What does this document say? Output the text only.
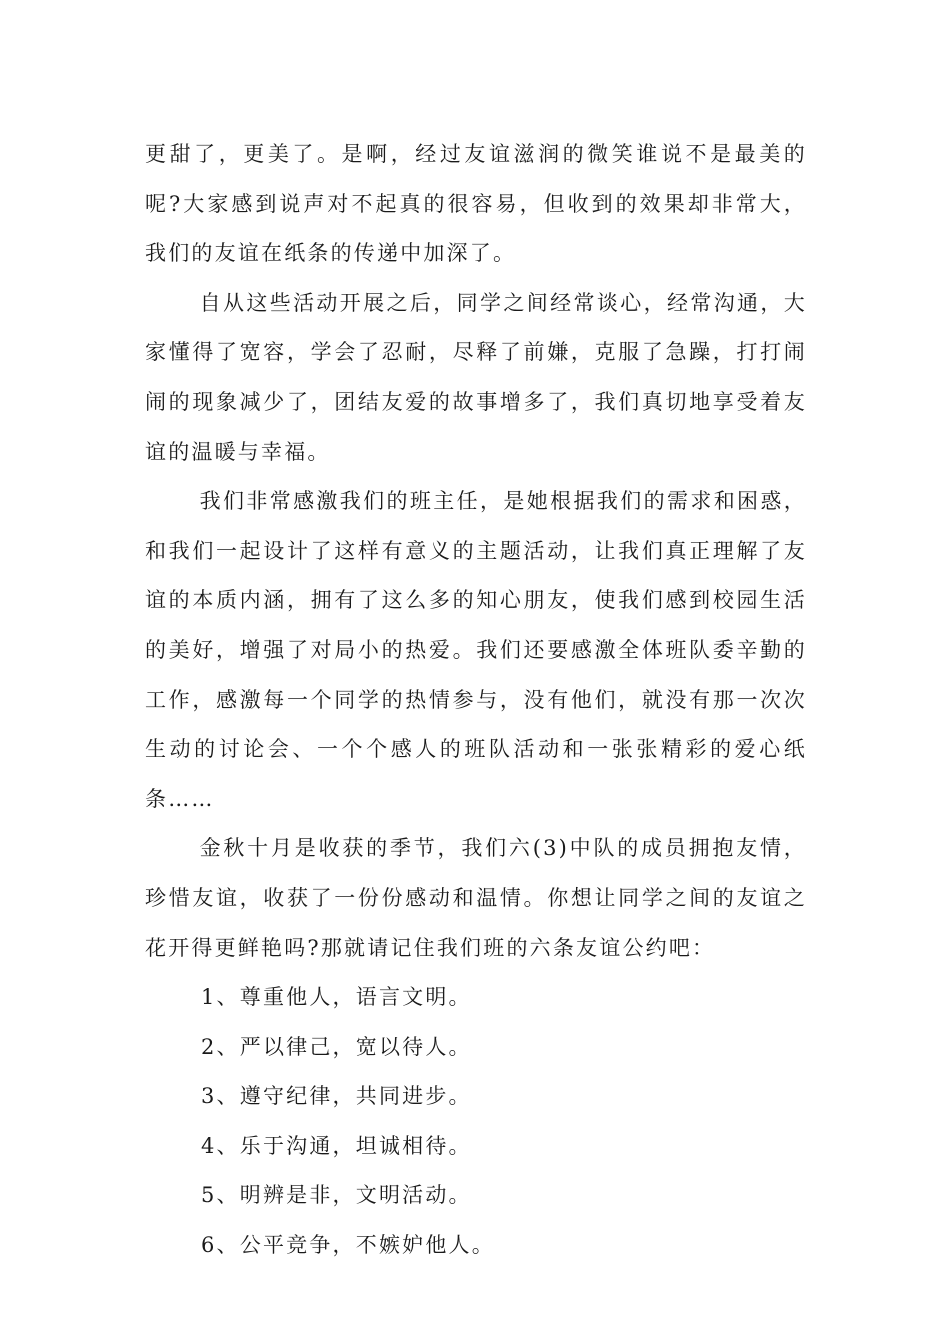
更甜了，更美了。是啊，经过友谊滋润的微笑谁说不是最美的呢?大家感到说声对不起真的很容易，但收到的效果却非常大，我们的友谊在纸条的传递中加深了。

自从这些活动开展之后，同学之间经常谈心，经常沟通，大家懂得了宽容，学会了忍耐，尽释了前嫌，克服了急躁，打打闹闹的现象减少了，团结友爱的故事增多了，我们真切地享受着友谊的温暖与幸福。

我们非常感激我们的班主任，是她根据我们的需求和困惑，和我们一起设计了这样有意义的主题活动，让我们真正理解了友谊的本质内涵，拥有了这么多的知心朋友，使我们感到校园生活的美好，增强了对局小的热爱。我们还要感激全体班队委辛勤的工作，感激每一个同学的热情参与，没有他们，就没有那一次次生动的讨论会、一个个感人的班队活动和一张张精彩的爱心纸条……

金秋十月是收获的季节，我们六(3)中队的成员拥抱友情，珍惜友谊，收获了一份份感动和温情。你想让同学之间的友谊之花开得更鲜艳吗?那就请记住我们班的六条友谊公约吧：

1、尊重他人，语言文明。
2、严以律己，宽以待人。
3、遵守纪律，共同进步。
4、乐于沟通，坦诚相待。
5、明辨是非，文明活动。
6、公平竞争，不嫉妒他人。
